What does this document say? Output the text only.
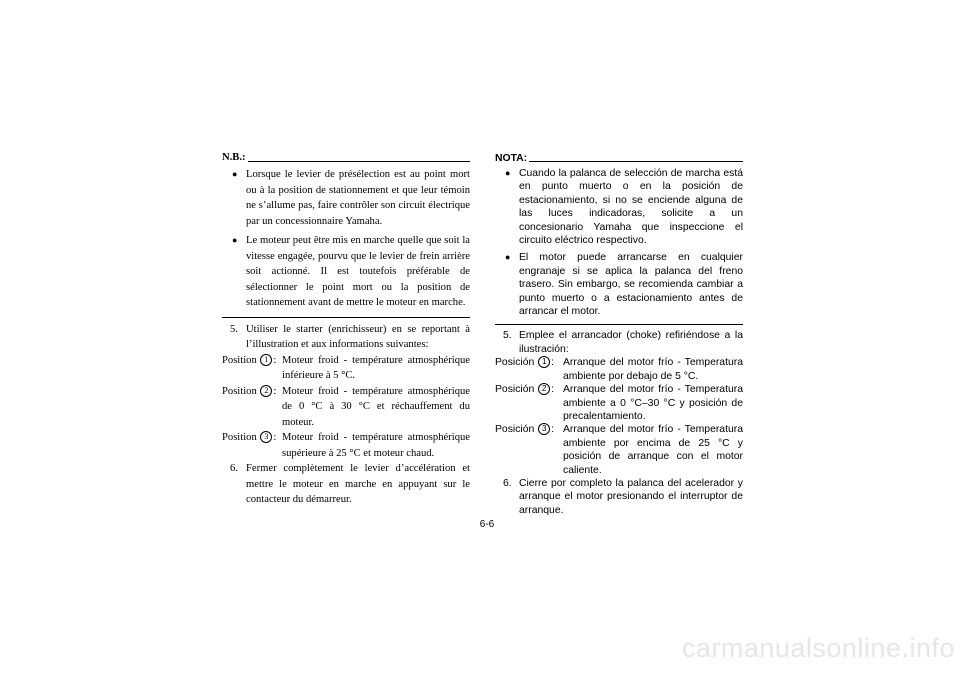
N.B.:
● Lorsque le levier de présélection est au point mort ou à la position de stationnement et que leur témoin ne s’allume pas, faire contrôler son circuit électrique par un concessionnaire Yamaha.
● Le moteur peut être mis en marche quelle que soit la vitesse engagée, pourvu que le levier de frein arrière soit actionné. Il est toutefois préférable de sélectionner le point mort ou la position de stationnement avant de mettre le moteur en marche.
5. Utiliser le starter (enrichisseur) en se reportant à l’illustration et aux informations suivantes:
Position 1 : Moteur froid - température atmosphérique inférieure à 5 °C.
Position 2 : Moteur froid - température atmosphérique de 0 °C à 30 °C et réchauffement du moteur.
Position 3 : Moteur froid - température atmosphérique supérieure à 25 °C et moteur chaud.
6. Fermer complètement le levier d’accélération et mettre le moteur en marche en appuyant sur le contacteur du démarreur.
NOTA:
● Cuando la palanca de selección de marcha está en punto muerto o en la posición de estacionamiento, si no se enciende alguna de las luces indicadoras, solicite a un concesionario Yamaha que inspeccione el circuito eléctrico respectivo.
● El motor puede arrancarse en cualquier engranaje si se aplica la palanca del freno trasero. Sin embargo, se recomienda cambiar a punto muerto o a estacionamiento antes de arrancar el motor.
5. Emplee el arrancador (choke) refiriéndose a la ilustración:
Posición 1 : Arranque del motor frío - Temperatura ambiente por debajo de 5 °C.
Posición 2 : Arranque del motor frío - Temperatura ambiente a 0 °C–30 °C y posición de precalentamiento.
Posición 3 : Arranque del motor frío - Temperatura ambiente por encima de 25 °C y posición de arranque con el motor caliente.
6. Cierre por completo la palanca del acelerador y arranque el motor presionando el interruptor de arranque.
6-6
carmanualsonline.info
